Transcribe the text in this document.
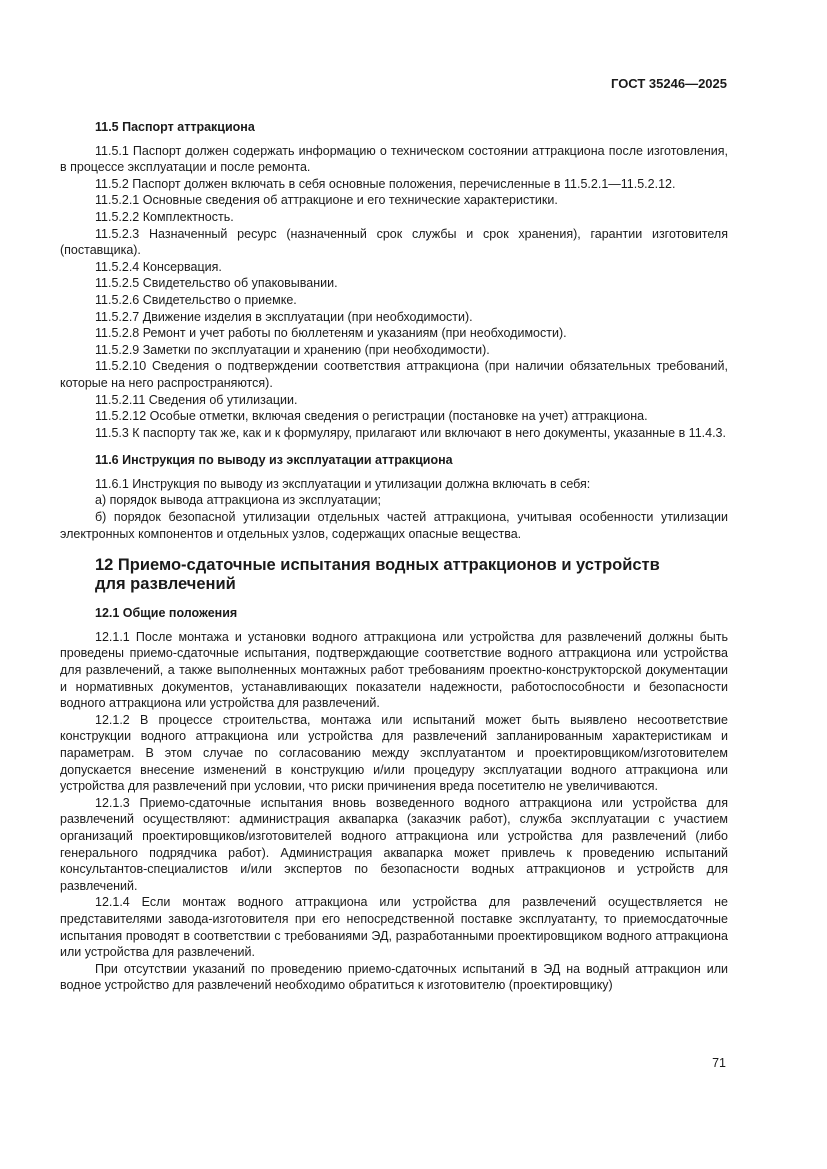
ГОСТ 35246—2025
11.5 Паспорт аттракциона

11.5.1 Паспорт должен содержать информацию о техническом состоянии аттракциона после изготовления, в процессе эксплуатации и после ремонта.

11.5.2 Паспорт должен включать в себя основные положения, перечисленные в 11.5.2.1—11.5.2.12.

11.5.2.1 Основные сведения об аттракционе и его технические характеристики.

11.5.2.2 Комплектность.

11.5.2.3 Назначенный ресурс (назначенный срок службы и срок хранения), гарантии изготовителя (поставщика).

11.5.2.4 Консервация.

11.5.2.5 Свидетельство об упаковывании.

11.5.2.6 Свидетельство о приемке.

11.5.2.7 Движение изделия в эксплуатации (при необходимости).

11.5.2.8 Ремонт и учет работы по бюллетеням и указаниям (при необходимости).

11.5.2.9 Заметки по эксплуатации и хранению (при необходимости).

11.5.2.10 Сведения о подтверждении соответствия аттракциона (при наличии обязательных требований, которые на него распространяются).

11.5.2.11 Сведения об утилизации.

11.5.2.12 Особые отметки, включая сведения о регистрации (постановке на учет) аттракциона.

11.5.3 К паспорту так же, как и к формуляру, прилагают или включают в него документы, указанные в 11.4.3.

11.6 Инструкция по выводу из эксплуатации аттракциона

11.6.1 Инструкция по выводу из эксплуатации и утилизации должна включать в себя:

а) порядок вывода аттракциона из эксплуатации;

б) порядок безопасной утилизации отдельных частей аттракциона, учитывая особенности утилизации электронных компонентов и отдельных узлов, содержащих опасные вещества.

12 Приемо-сдаточные испытания водных аттракционов и устройств
для развлечений
12.1 Общие положения

12.1.1 После монтажа и установки водного аттракциона или устройства для развлечений должны быть проведены приемо-сдаточные испытания, подтверждающие соответствие водного аттракциона или устройства для развлечений, а также выполненных монтажных работ требованиям проектно-конструкторской документации и нормативных документов, устанавливающих показатели надежности, работоспособности и безопасности водного аттракциона или устройства для развлечений.

12.1.2 В процессе строительства, монтажа или испытаний может быть выявлено несоответствие конструкции водного аттракциона или устройства для развлечений запланированным характеристикам и параметрам. В этом случае по согласованию между эксплуатантом и проектировщиком/изготовителем допускается внесение изменений в конструкцию и/или процедуру эксплуатации водного аттракциона или устройства для развлечений при условии, что риски причинения вреда посетителю не увеличиваются.

12.1.3 Приемо-сдаточные испытания вновь возведенного водного аттракциона или устройства для развлечений осуществляют: администрация аквапарка (заказчик работ), служба эксплуатации с участием организаций проектировщиков/изготовителей водного аттракциона или устройства для развлечений (либо генерального подрядчика работ). Администрация аквапарка может привлечь к проведению испытаний консультантов-специалистов и/или экспертов по безопасности водных аттракционов и устройств для развлечений.

12.1.4 Если монтаж водного аттракциона или устройства для развлечений осуществляется не представителями завода-изготовителя при его непосредственной поставке эксплуатанту, то приемосдаточные испытания проводят в соответствии с требованиями ЭД, разработанными проектировщиком водного аттракциона или устройства для развлечений.

При отсутствии указаний по проведению приемо-сдаточных испытаний в ЭД на водный аттракцион или водное устройство для развлечений необходимо обратиться к изготовителю (проектировщику)

71
